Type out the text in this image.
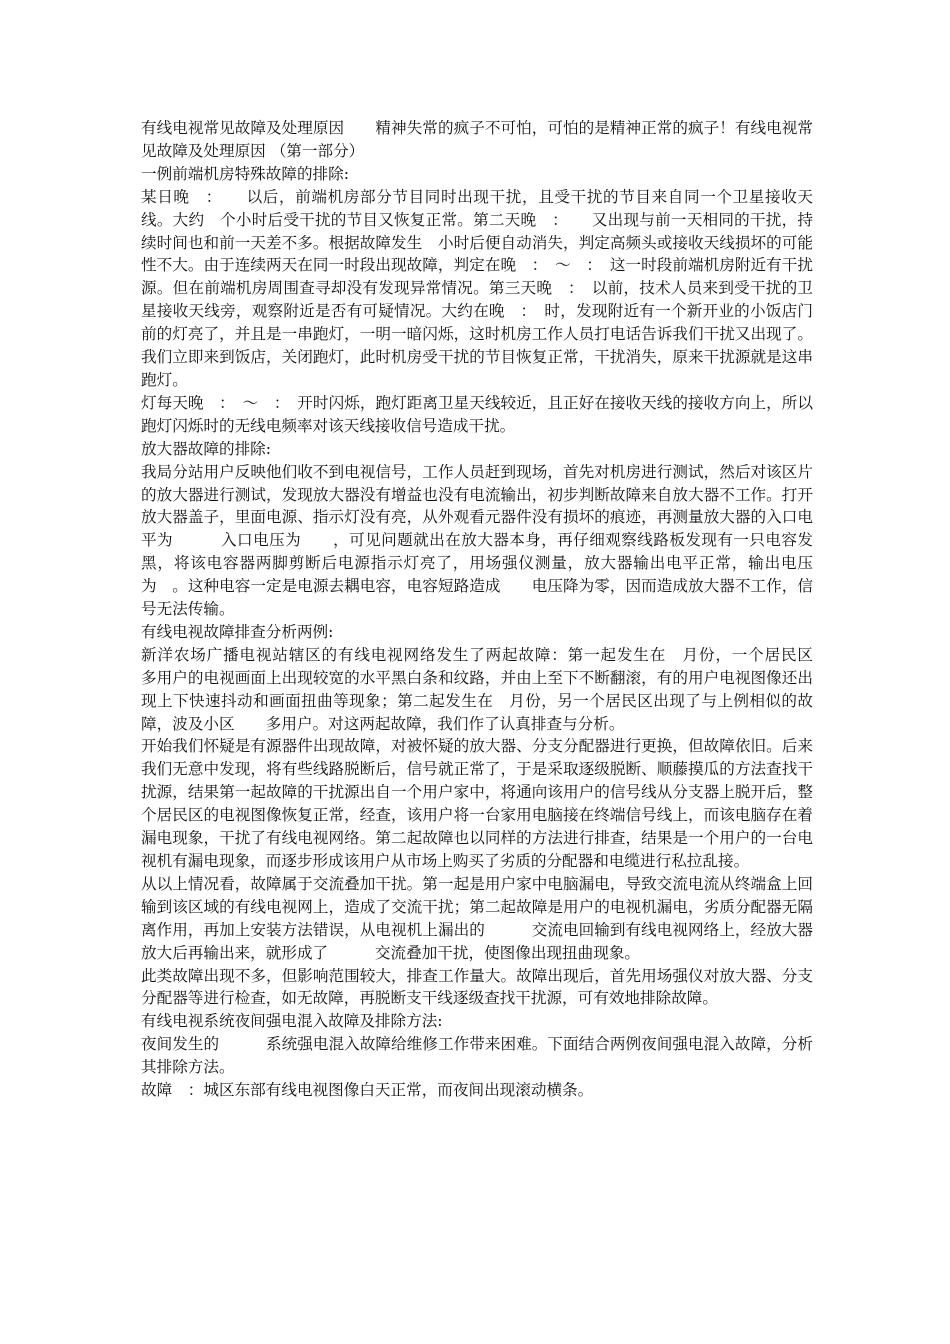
有线电视常见故障及处理原因　　精神失常的疯子不可怕，可怕的是精神正常的疯子！有线电视常见故障及处理原因 （第一部分）

一例前端机房特殊故障的排除:

某日晚　：　　以后，前端机房部分节目同时出现干扰，且受干扰的节目来自同一个卫星接收天线。大约　个小时后受干扰的节目又恢复正常。第二天晚　：　　又出现与前一天相同的干扰，持续时间也和前一天差不多。根据故障发生　小时后便自动消失，判定高频头或接收天线损坏的可能性不大。由于连续两天在同一时段出现故障，判定在晚　：　～　：　这一时段前端机房附近有干扰源。但在前端机房周围查寻却没有发现异常情况。第三天晚　：　以前，技术人员来到受干扰的卫星接收天线旁，观察附近是否有可疑情况。大约在晚　：　时，发现附近有一个新开业的小饭店门前的灯亮了，并且是一串跑灯，一明一暗闪烁，这时机房工作人员打电话告诉我们干扰又出现了。我们立即来到饭店，关闭跑灯，此时机房受干扰的节目恢复正常，干扰消失，原来干扰源就是这串跑灯。

灯每天晚　：　～　：　开时闪烁，跑灯距离卫星天线较近，且正好在接收天线的接收方向上，所以跑灯闪烁时的无线电频率对该天线接收信号造成干扰。

放大器故障的排除:

我局分站用户反映他们收不到电视信号，工作人员赶到现场，首先对机房进行测试，然后对该区片的放大器进行测试，发现放大器没有增益也没有电流输出，初步判断故障来自放大器不工作。打开放大器盖子，里面电源、指示灯没有亮，从外观看元器件没有损坏的痕迹，再测量放大器的入口电平为　　　入口电压为　　，可见问题就出在放大器本身，再仔细观察线路板发现有一只电容发黑，将该电容器两脚剪断后电源指示灯亮了，用场强仪测量，放大器输出电平正常，输出电压为　。这种电容一定是电源去耦电容，电容短路造成　　电压降为零，因而造成放大器不工作，信号无法传输。

有线电视故障排查分析两例:

新洋农场广播电视站辖区的有线电视网络发生了两起故障：第一起发生在　月份，一个居民区　　多用户的电视画面上出现较宽的水平黑白条和纹路，并由上至下不断翻滚，有的用户电视图像还出现上下快速抖动和画面扭曲等现象；第二起发生在　月份，另一个居民区出现了与上例相似的故障，波及小区　　多用户。对这两起故障，我们作了认真排查与分析。

开始我们怀疑是有源器件出现故障，对被怀疑的放大器、分支分配器进行更换，但故障依旧。后来我们无意中发现，将有些线路脱断后，信号就正常了，于是采取逐级脱断、顺藤摸瓜的方法查找干扰源，结果第一起故障的干扰源出自一个用户家中，将通向该用户的信号线从分支器上脱开后，整个居民区的电视图像恢复正常，经查，该用户将一台家用电脑接在终端信号线上，而该电脑存在着漏电现象，干扰了有线电视网络。第二起故障也以同样的方法进行排查，结果是一个用户的一台电视机有漏电现象，而逐步形成该用户从市场上购买了劣质的分配器和电缆进行私拉乱接。

从以上情况看，故障属于交流叠加干扰。第一起是用户家中电脑漏电，导致交流电流从终端盒上回输到该区域的有线电视网上，造成了交流干扰；第二起故障是用户的电视机漏电，劣质分配器无隔离作用，再加上安装方法错误，从电视机上漏出的　　　交流电回输到有线电视网络上，经放大器放大后再输出来，就形成了　　　交流叠加干扰，使图像出现扭曲现象。

此类故障出现不多，但影响范围较大，排查工作量大。故障出现后，首先用场强仪对放大器、分支分配器等进行检查，如无故障，再脱断支干线逐级查找干扰源，可有效地排除故障。

有线电视系统夜间强电混入故障及排除方法:

夜间发生的　　　系统强电混入故障给维修工作带来困难。下面结合两例夜间强电混入故障，分析其排除方法。

故障　：城区东部有线电视图像白天正常，而夜间出现滚动横条。
